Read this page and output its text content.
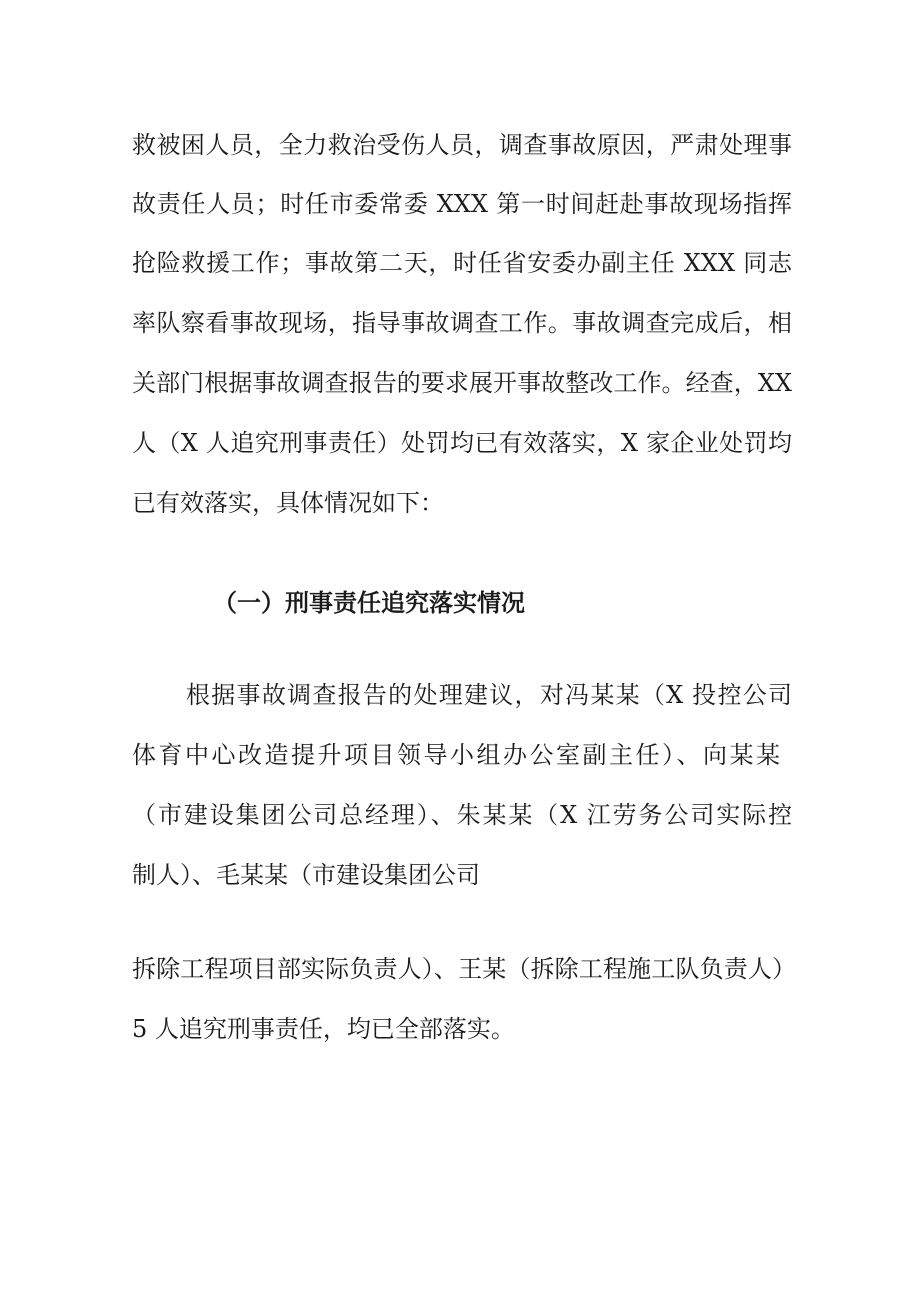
救被困人员，全力救治受伤人员，调查事故原因，严肃处理事

故责任人员；时任市委常委 XXX 第一时间赶赴事故现场指挥

抢险救援工作；事故第二天，时任省安委办副主任 XXX 同志

率队察看事故现场，指导事故调查工作。事故调查完成后，相

关部门根据事故调查报告的要求展开事故整改工作。经查，XX

人（X 人追究刑事责任）处罚均已有效落实，X 家企业处罚均

已有效落实，具体情况如下：

（一）刑事责任追究落实情况

根据事故调查报告的处理建议，对冯某某（X 投控公司

体育中心改造提升项目领导小组办公室副主任）、向某某

（市建设集团公司总经理）、朱某某（X 江劳务公司实际控

制人）、毛某某（市建设集团公司

拆除工程项目部实际负责人）、王某（拆除工程施工队负责人）

5 人追究刑事责任，均已全部落实。
